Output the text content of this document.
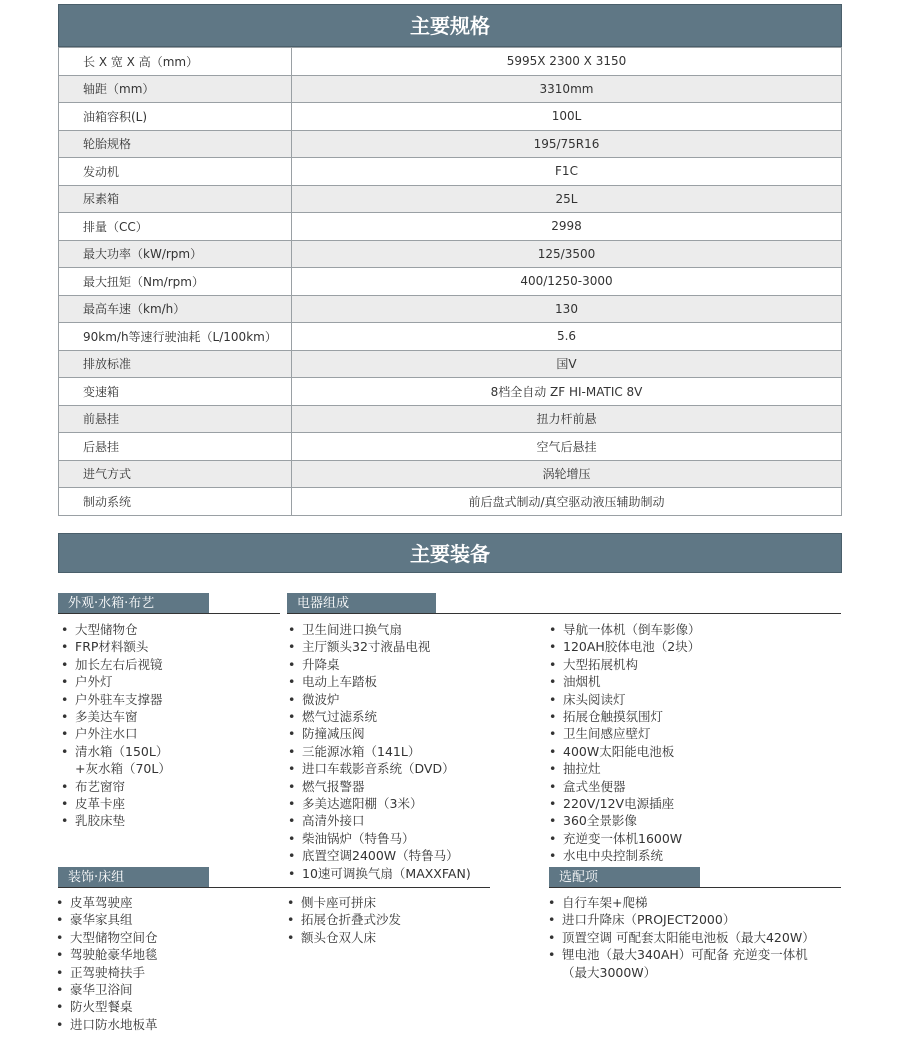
主要规格
长 X 宽 X 高（mm）	5995X 2300 X 3150
轴距（mm）	3310mm
油箱容积(L)	100L
轮胎规格	195/75R16
发动机	F1C
尿素箱	25L
排量（CC）	2998
最大功率（kW/rpm）	125/3500
最大扭矩（Nm/rpm）	400/1250-3000
最高车速（km/h）	130
90km/h等速行驶油耗（L/100km）	5.6
排放标准	国V
变速箱	8档全自动 ZF HI-MATIC 8V
前悬挂	扭力杆前悬
后悬挂	空气后悬挂
进气方式	涡轮增压
制动系统	前后盘式制动/真空驱动液压辅助制动
主要装备
外观·水箱·布艺
• 大型储物仓
• FRP材料额头
• 加长左右后视镜
• 户外灯
• 户外驻车支撑器
• 多美达车窗
• 户外注水口
• 清水箱（150L）
+灰水箱（70L）
• 布艺窗帘
• 皮革卡座
• 乳胶床垫
电器组成
• 卫生间进口换气扇
• 主厅额头32寸液晶电视
• 升降桌
• 电动上车踏板
• 微波炉
• 燃气过滤系统
• 防撞减压阀
• 三能源冰箱（141L）
• 进口车载影音系统（DVD）
• 燃气报警器
• 多美达遮阳棚（3米）
• 高清外接口
• 柴油锅炉（特鲁马）
• 底置空调2400W（特鲁马）
• 10速可调换气扇（MAXXFAN)
• 导航一体机（倒车影像）
• 120AH胶体电池（2块）
• 大型拓展机构
• 油烟机
• 床头阅读灯
• 拓展仓触摸氛围灯
• 卫生间感应壁灯
• 400W太阳能电池板
• 抽拉灶
• 盒式坐便器
• 220V/12V电源插座
• 360全景影像
• 充逆变一体机1600W
• 水电中央控制系统
装饰·床组
• 皮革驾驶座
• 豪华家具组
• 大型储物空间仓
• 驾驶舱豪华地毯
• 正驾驶椅扶手
• 豪华卫浴间
• 防火型餐桌
• 进口防水地板革
• 侧卡座可拼床
• 拓展仓折叠式沙发
• 额头仓双人床
选配项
• 自行车架+爬梯
• 进口升降床（PROJECT2000）
• 顶置空调 可配套太阳能电池板（最大420W）
• 锂电池（最大340AH）可配备 充逆变一体机
（最大3000W）
